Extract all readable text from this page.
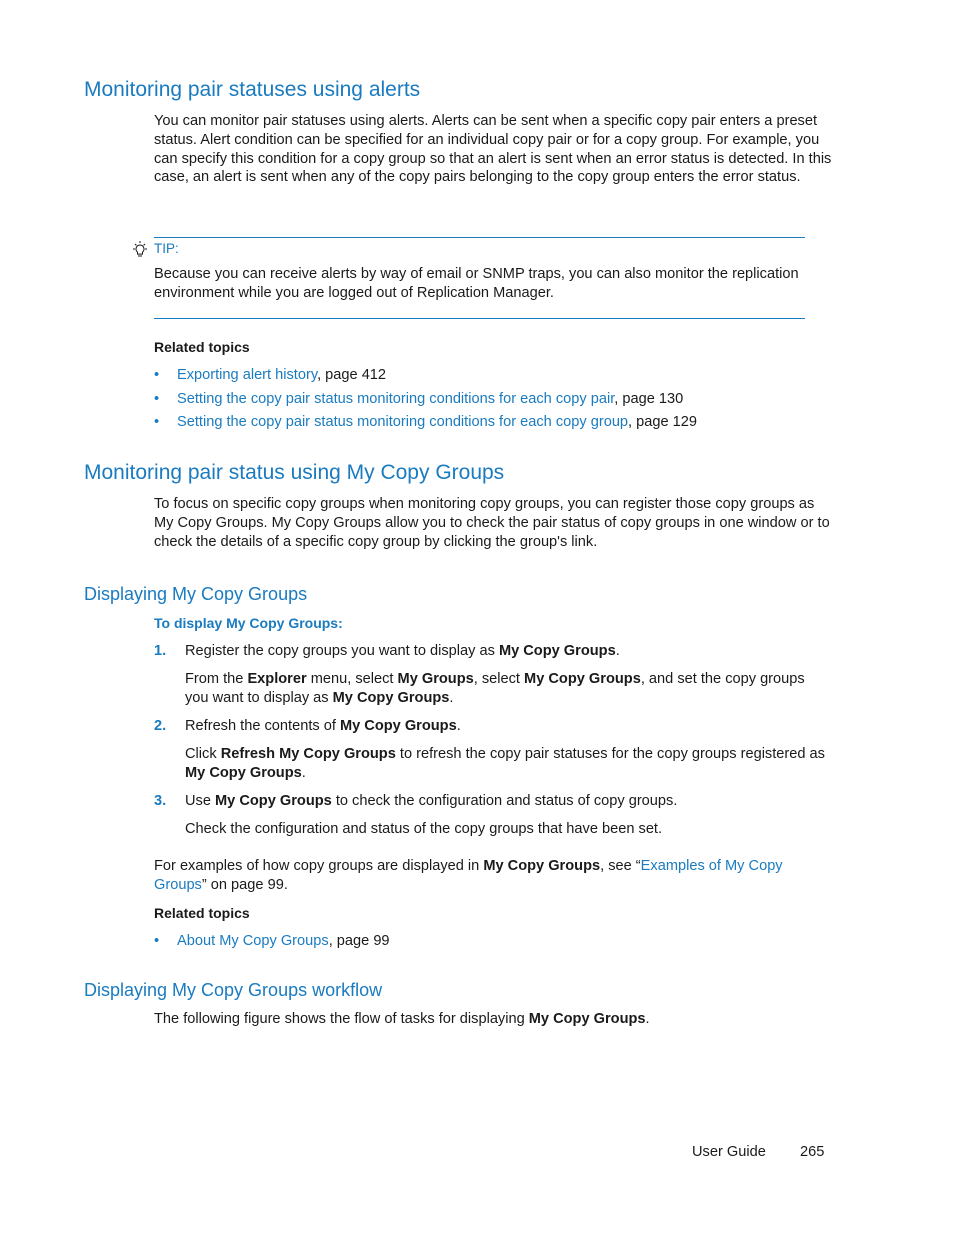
Monitoring pair statuses using alerts
You can monitor pair statuses using alerts. Alerts can be sent when a specific copy pair enters a preset status. Alert condition can be specified for an individual copy pair or for a copy group. For example, you can specify this condition for a copy group so that an alert is sent when an error status is detected. In this case, an alert is sent when any of the copy pairs belonging to the copy group enters the error status.
TIP:
Because you can receive alerts by way of email or SNMP traps, you can also monitor the replication environment while you are logged out of Replication Manager.
Related topics
• Exporting alert history, page 412
• Setting the copy pair status monitoring conditions for each copy pair, page 130
• Setting the copy pair status monitoring conditions for each copy group, page 129
Monitoring pair status using My Copy Groups
To focus on specific copy groups when monitoring copy groups, you can register those copy groups as My Copy Groups. My Copy Groups allow you to check the pair status of copy groups in one window or to check the details of a specific copy group by clicking the group's link.
Displaying My Copy Groups
To display My Copy Groups:
1. Register the copy groups you want to display as My Copy Groups.
From the Explorer menu, select My Groups, select My Copy Groups, and set the copy groups you want to display as My Copy Groups.
2. Refresh the contents of My Copy Groups.
Click Refresh My Copy Groups to refresh the copy pair statuses for the copy groups registered as My Copy Groups.
3. Use My Copy Groups to check the configuration and status of copy groups.
Check the configuration and status of the copy groups that have been set.
For examples of how copy groups are displayed in My Copy Groups, see “Examples of My Copy Groups” on page 99.
Related topics
• About My Copy Groups, page 99
Displaying My Copy Groups workflow
The following figure shows the flow of tasks for displaying My Copy Groups.
User Guide 265
